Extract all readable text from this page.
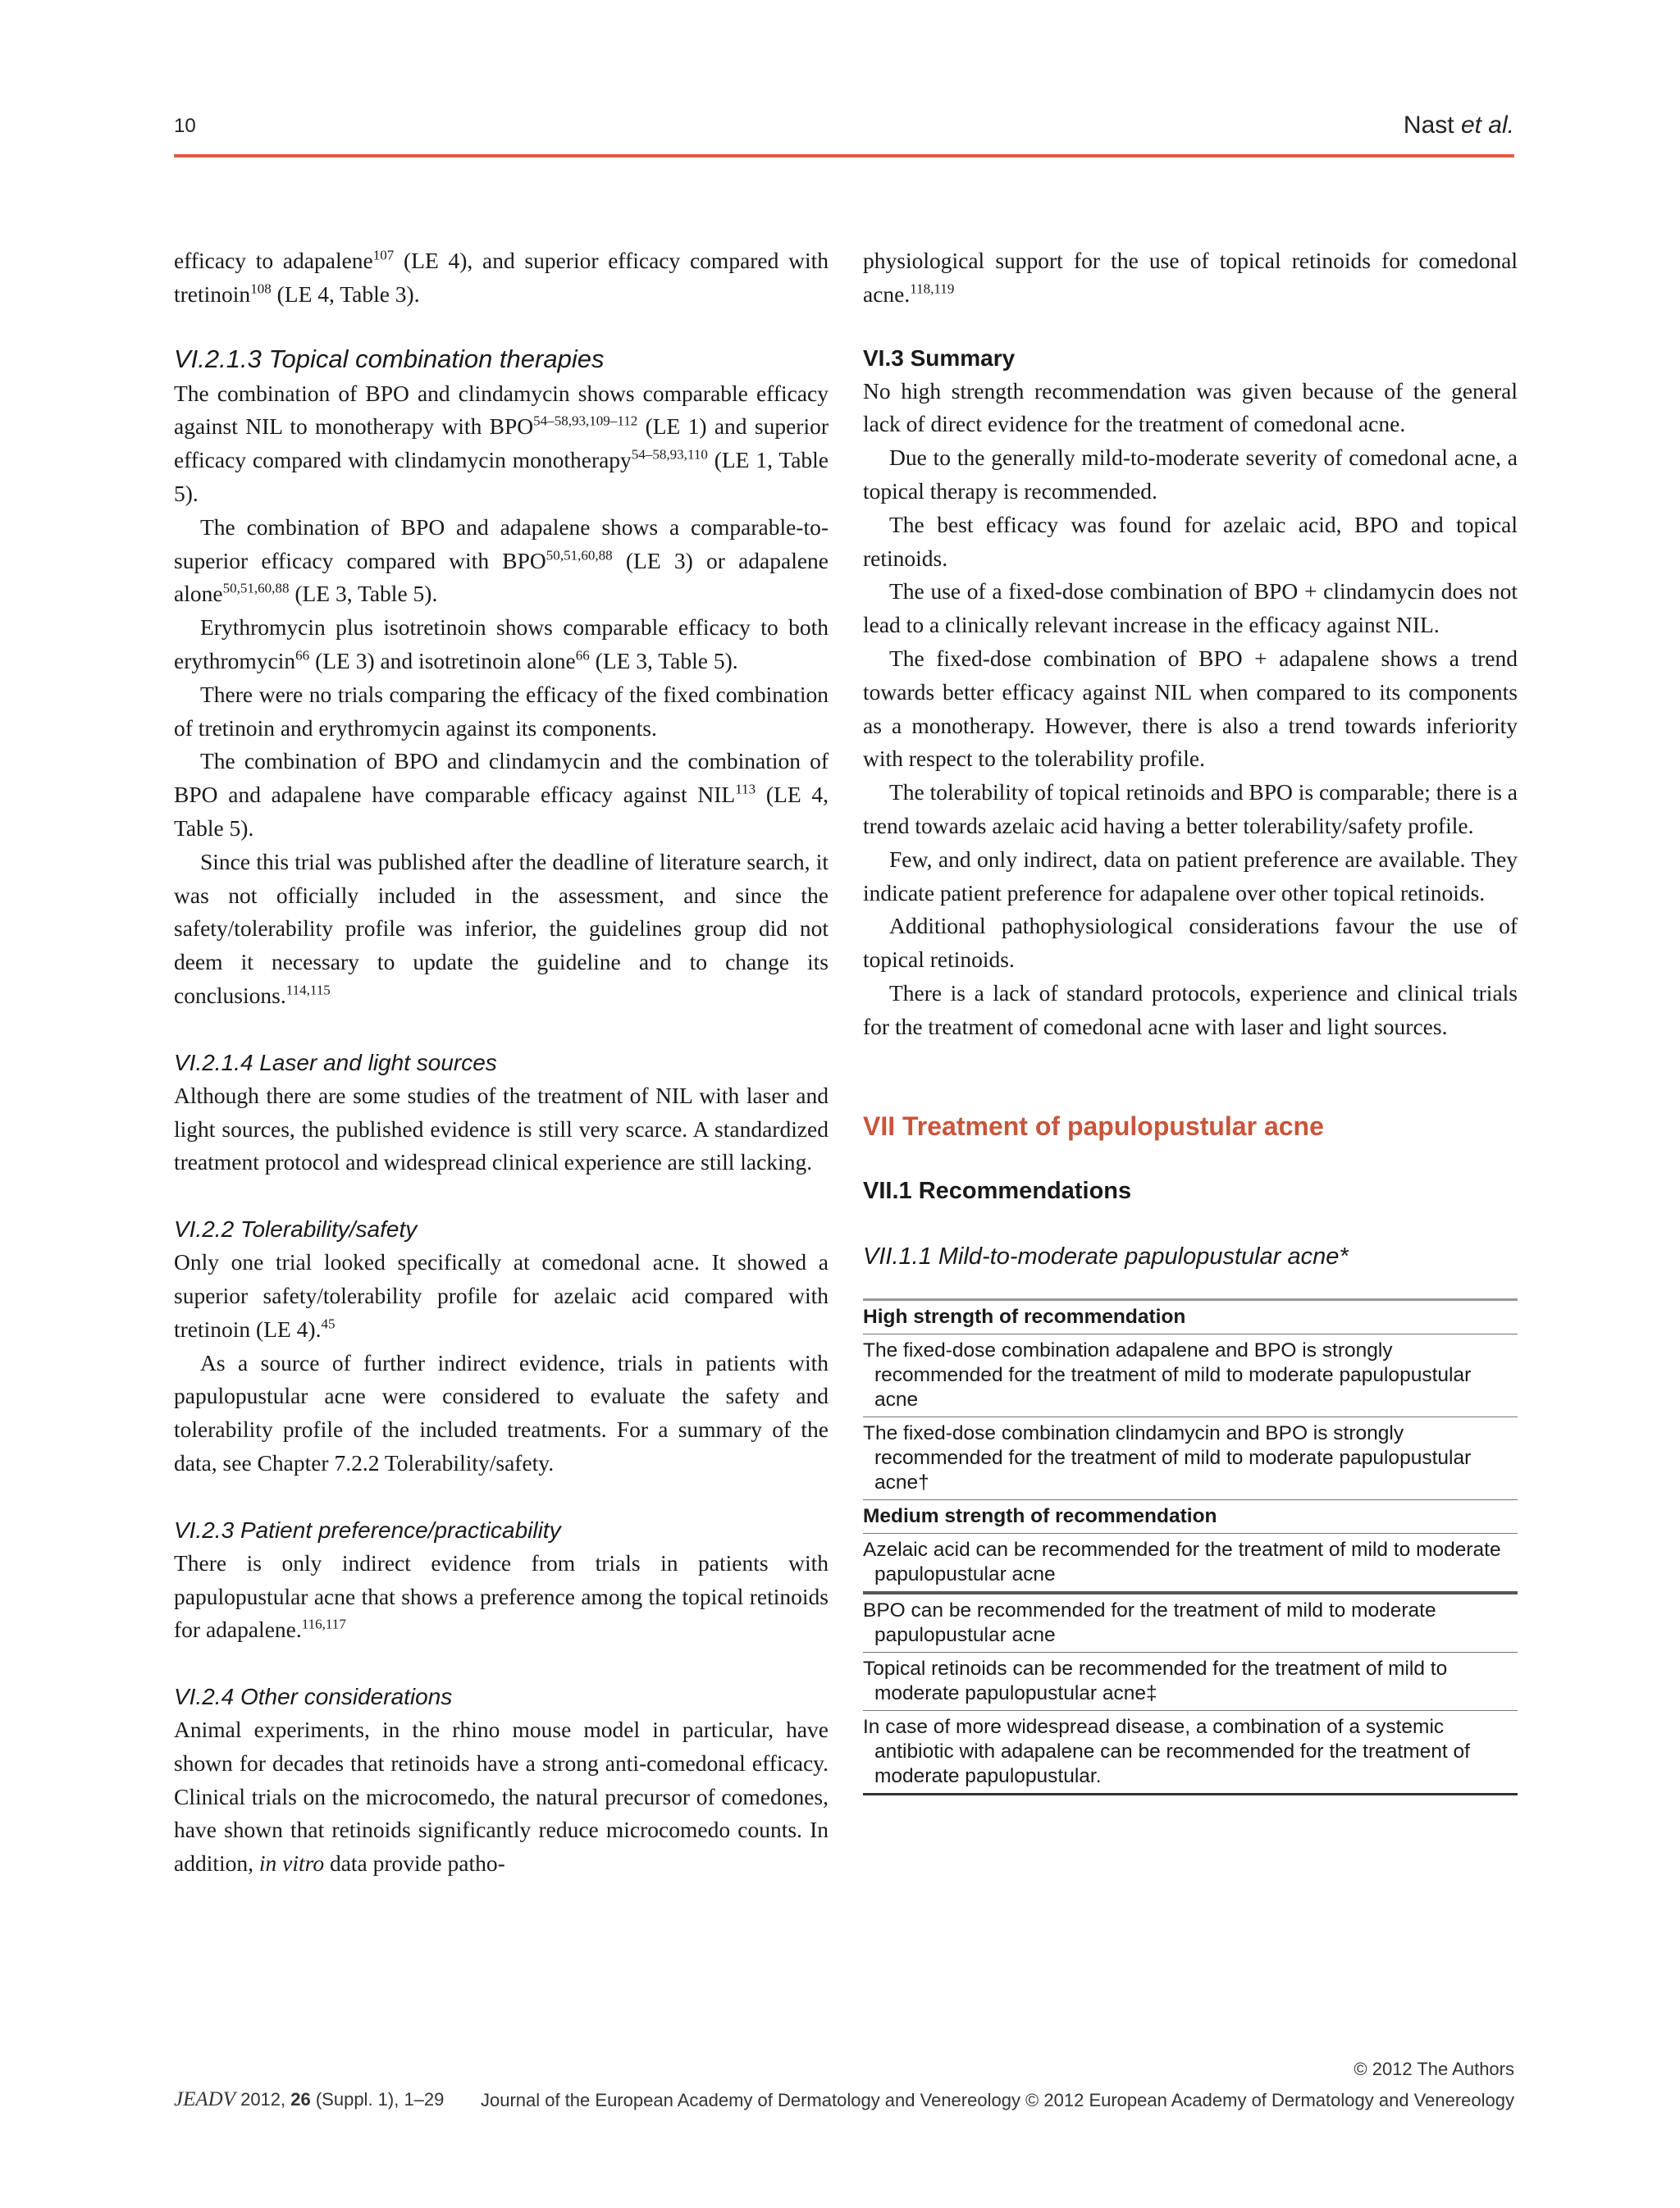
10	Nast et al.

efficacy to adapalene$^{107}$ (LE 4), and superior efficacy compared with tretinoin$^{108}$ (LE 4, Table 3).

VI.2.1.3 Topical combination therapies

The combination of BPO and clindamycin shows comparable efficacy against NIL to monotherapy with BPO$^{54-58,93,109-112}$ (LE 1) and superior efficacy compared with clindamycin monotherapy$^{54-58,93,110}$ (LE 1, Table 5).

The combination of BPO and adapalene shows a comparable-to-superior efficacy compared with BPO$^{50,51,60,88}$ (LE 3) or adapalene alone$^{50,51,60,88}$ (LE 3, Table 5).

Erythromycin plus isotretinoin shows comparable efficacy to both erythromycin$^{66}$ (LE 3) and isotretinoin alone$^{66}$ (LE 3, Table 5).

There were no trials comparing the efficacy of the fixed combination of tretinoin and erythromycin against its components.

The combination of BPO and clindamycin and the combination of BPO and adapalene have comparable efficacy against NIL$^{113}$ (LE 4, Table 5).

Since this trial was published after the deadline of literature search, it was not officially included in the assessment, and since the safety/tolerability profile was inferior, the guidelines group did not deem it necessary to update the guideline and to change its conclusions.$^{114,115}$

VI.2.1.4 Laser and light sources

Although there are some studies of the treatment of NIL with laser and light sources, the published evidence is still very scarce. A standardized treatment protocol and widespread clinical experience are still lacking.

VI.2.2 Tolerability/safety

Only one trial looked specifically at comedonal acne. It showed a superior safety/tolerability profile for azelaic acid compared with tretinoin (LE 4).$^{45}$

As a source of further indirect evidence, trials in patients with papulopustular acne were considered to evaluate the safety and tolerability profile of the included treatments. For a summary of the data, see Chapter 7.2.2 Tolerability/safety.

VI.2.3 Patient preference/practicability

There is only indirect evidence from trials in patients with papulopustular acne that shows a preference among the topical retinoids for adapalene.$^{116,117}$

VI.2.4 Other considerations

Animal experiments, in the rhino mouse model in particular, have shown for decades that retinoids have a strong anti-comedonal efficacy. Clinical trials on the microcomedo, the natural precursor of comedones, have shown that retinoids significantly reduce microcomedo counts. In addition, in vitro data provide patho-

physiological support for the use of topical retinoids for comedonal acne.$^{118,119}$

VI.3 Summary

No high strength recommendation was given because of the general lack of direct evidence for the treatment of comedonal acne.

Due to the generally mild-to-moderate severity of comedonal acne, a topical therapy is recommended.

The best efficacy was found for azelaic acid, BPO and topical retinoids.

The use of a fixed-dose combination of BPO + clindamycin does not lead to a clinically relevant increase in the efficacy against NIL.

The fixed-dose combination of BPO + adapalene shows a trend towards better efficacy against NIL when compared to its components as a monotherapy. However, there is also a trend towards inferiority with respect to the tolerability profile.

The tolerability of topical retinoids and BPO is comparable; there is a trend towards azelaic acid having a better tolerability/safety profile.

Few, and only indirect, data on patient preference are available. They indicate patient preference for adapalene over other topical retinoids.

Additional pathophysiological considerations favour the use of topical retinoids.

There is a lack of standard protocols, experience and clinical trials for the treatment of comedonal acne with laser and light sources.

VII Treatment of papulopustular acne
VII.1 Recommendations
VII.1.1 Mild-to-moderate papulopustular acne*
High strength of recommendation
The fixed-dose combination adapalene and BPO is strongly recommended for the treatment of mild to moderate papulopustular acne
The fixed-dose combination clindamycin and BPO is strongly recommended for the treatment of mild to moderate papulopustular acne†
Medium strength of recommendation
Azelaic acid can be recommended for the treatment of mild to moderate papulopustular acne
BPO can be recommended for the treatment of mild to moderate papulopustular acne
Topical retinoids can be recommended for the treatment of mild to moderate papulopustular acne‡
In case of more widespread disease, a combination of a systemic antibiotic with adapalene can be recommended for the treatment of moderate papulopustular.
© 2012 The Authors
JEADV 2012, 26 (Suppl. 1), 1–29 Journal of the European Academy of Dermatology and Venereology © 2012 European Academy of Dermatology and Venereology
